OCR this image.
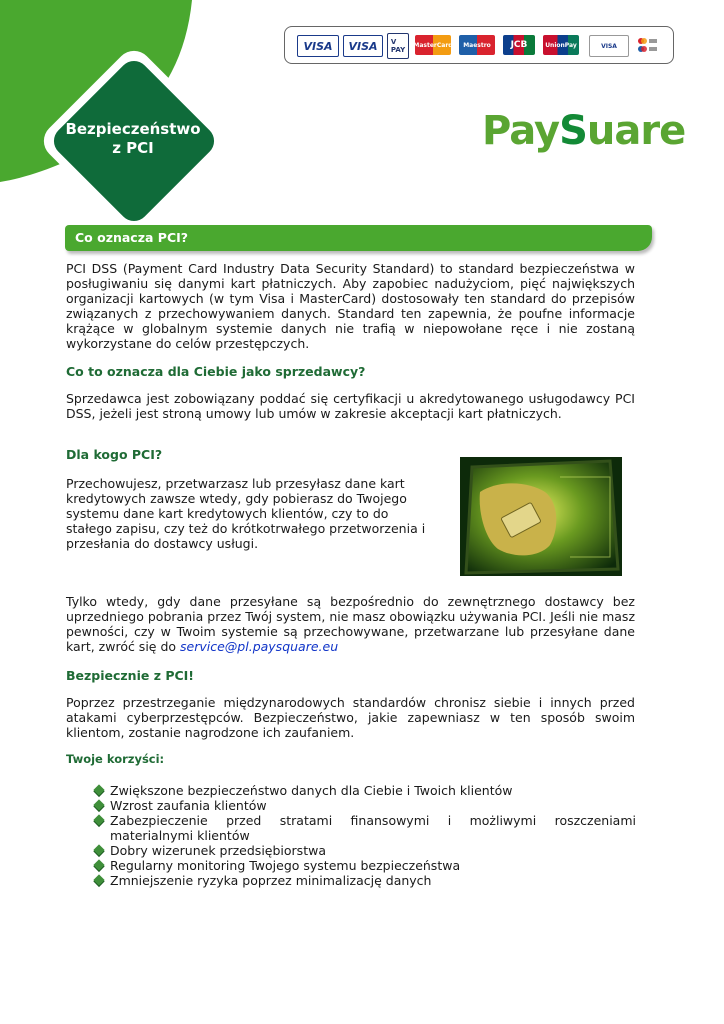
Bezpieczeństwo
z PCI
VISA	VISA	V
PAY
MasterCard	Maestro	JCB	UnionPay	VISA
PaySuare
Co oznacza PCI?

PCI DSS (Payment Card Industry Data Security Standard) to standard bezpieczeństwa w posługiwaniu się danymi kart płatniczych. Aby zapobiec nadużyciom, pięć największych organizacji kartowych (w tym Visa i MasterCard) dostosowały ten standard do przepisów związanych z przechowywaniem danych. Standard ten zapewnia, że poufne informacje krążące w globalnym systemie danych nie trafią w niepowołane ręce i nie zostaną wykorzystane do celów przestępczych.

Co to oznacza dla Ciebie jako sprzedawcy?

Sprzedawca jest zobowiązany poddać się certyfikacji u akredytowanego usługodawcy PCI DSS, jeżeli jest stroną umowy lub umów w zakresie akceptacji kart płatniczych.

Dla kogo PCI?

Przechowujesz, przetwarzasz lub przesyłasz dane kart kredytowych zawsze wtedy, gdy pobierasz do Twojego systemu dane kart kredytowych klientów, czy to do stałego zapisu, czy też do krótkotrwałego przetworzenia i przesłania do dostawcy usługi.

Tylko wtedy, gdy dane przesyłane są bezpośrednio do zewnętrznego dostawcy bez uprzedniego pobrania przez Twój system, nie masz obowiązku używania PCI. Jeśli nie masz pewności, czy w Twoim systemie są przechowywane, przetwarzane lub przesyłane dane kart, zwróć się do service@pl.paysquare.eu

Bezpiecznie z PCI!

Poprzez przestrzeganie międzynarodowych standardów chronisz siebie i innych przed atakami cyberprzestępców. Bezpieczeństwo, jakie zapewniasz w ten sposób swoim klientom, zostanie nagrodzone ich zaufaniem.

Twoje korzyści:

Zwiększone bezpieczeństwo danych dla Ciebie i Twoich klientów
Wzrost zaufania klientów
Zabezpieczenie przed stratami finansowymi i możliwymi roszczeniami materialnymi klientów
Dobry wizerunek przedsiębiorstwa
Regularny monitoring Twojego systemu bezpieczeństwa
Zmniejszenie ryzyka poprzez minimalizację danych
